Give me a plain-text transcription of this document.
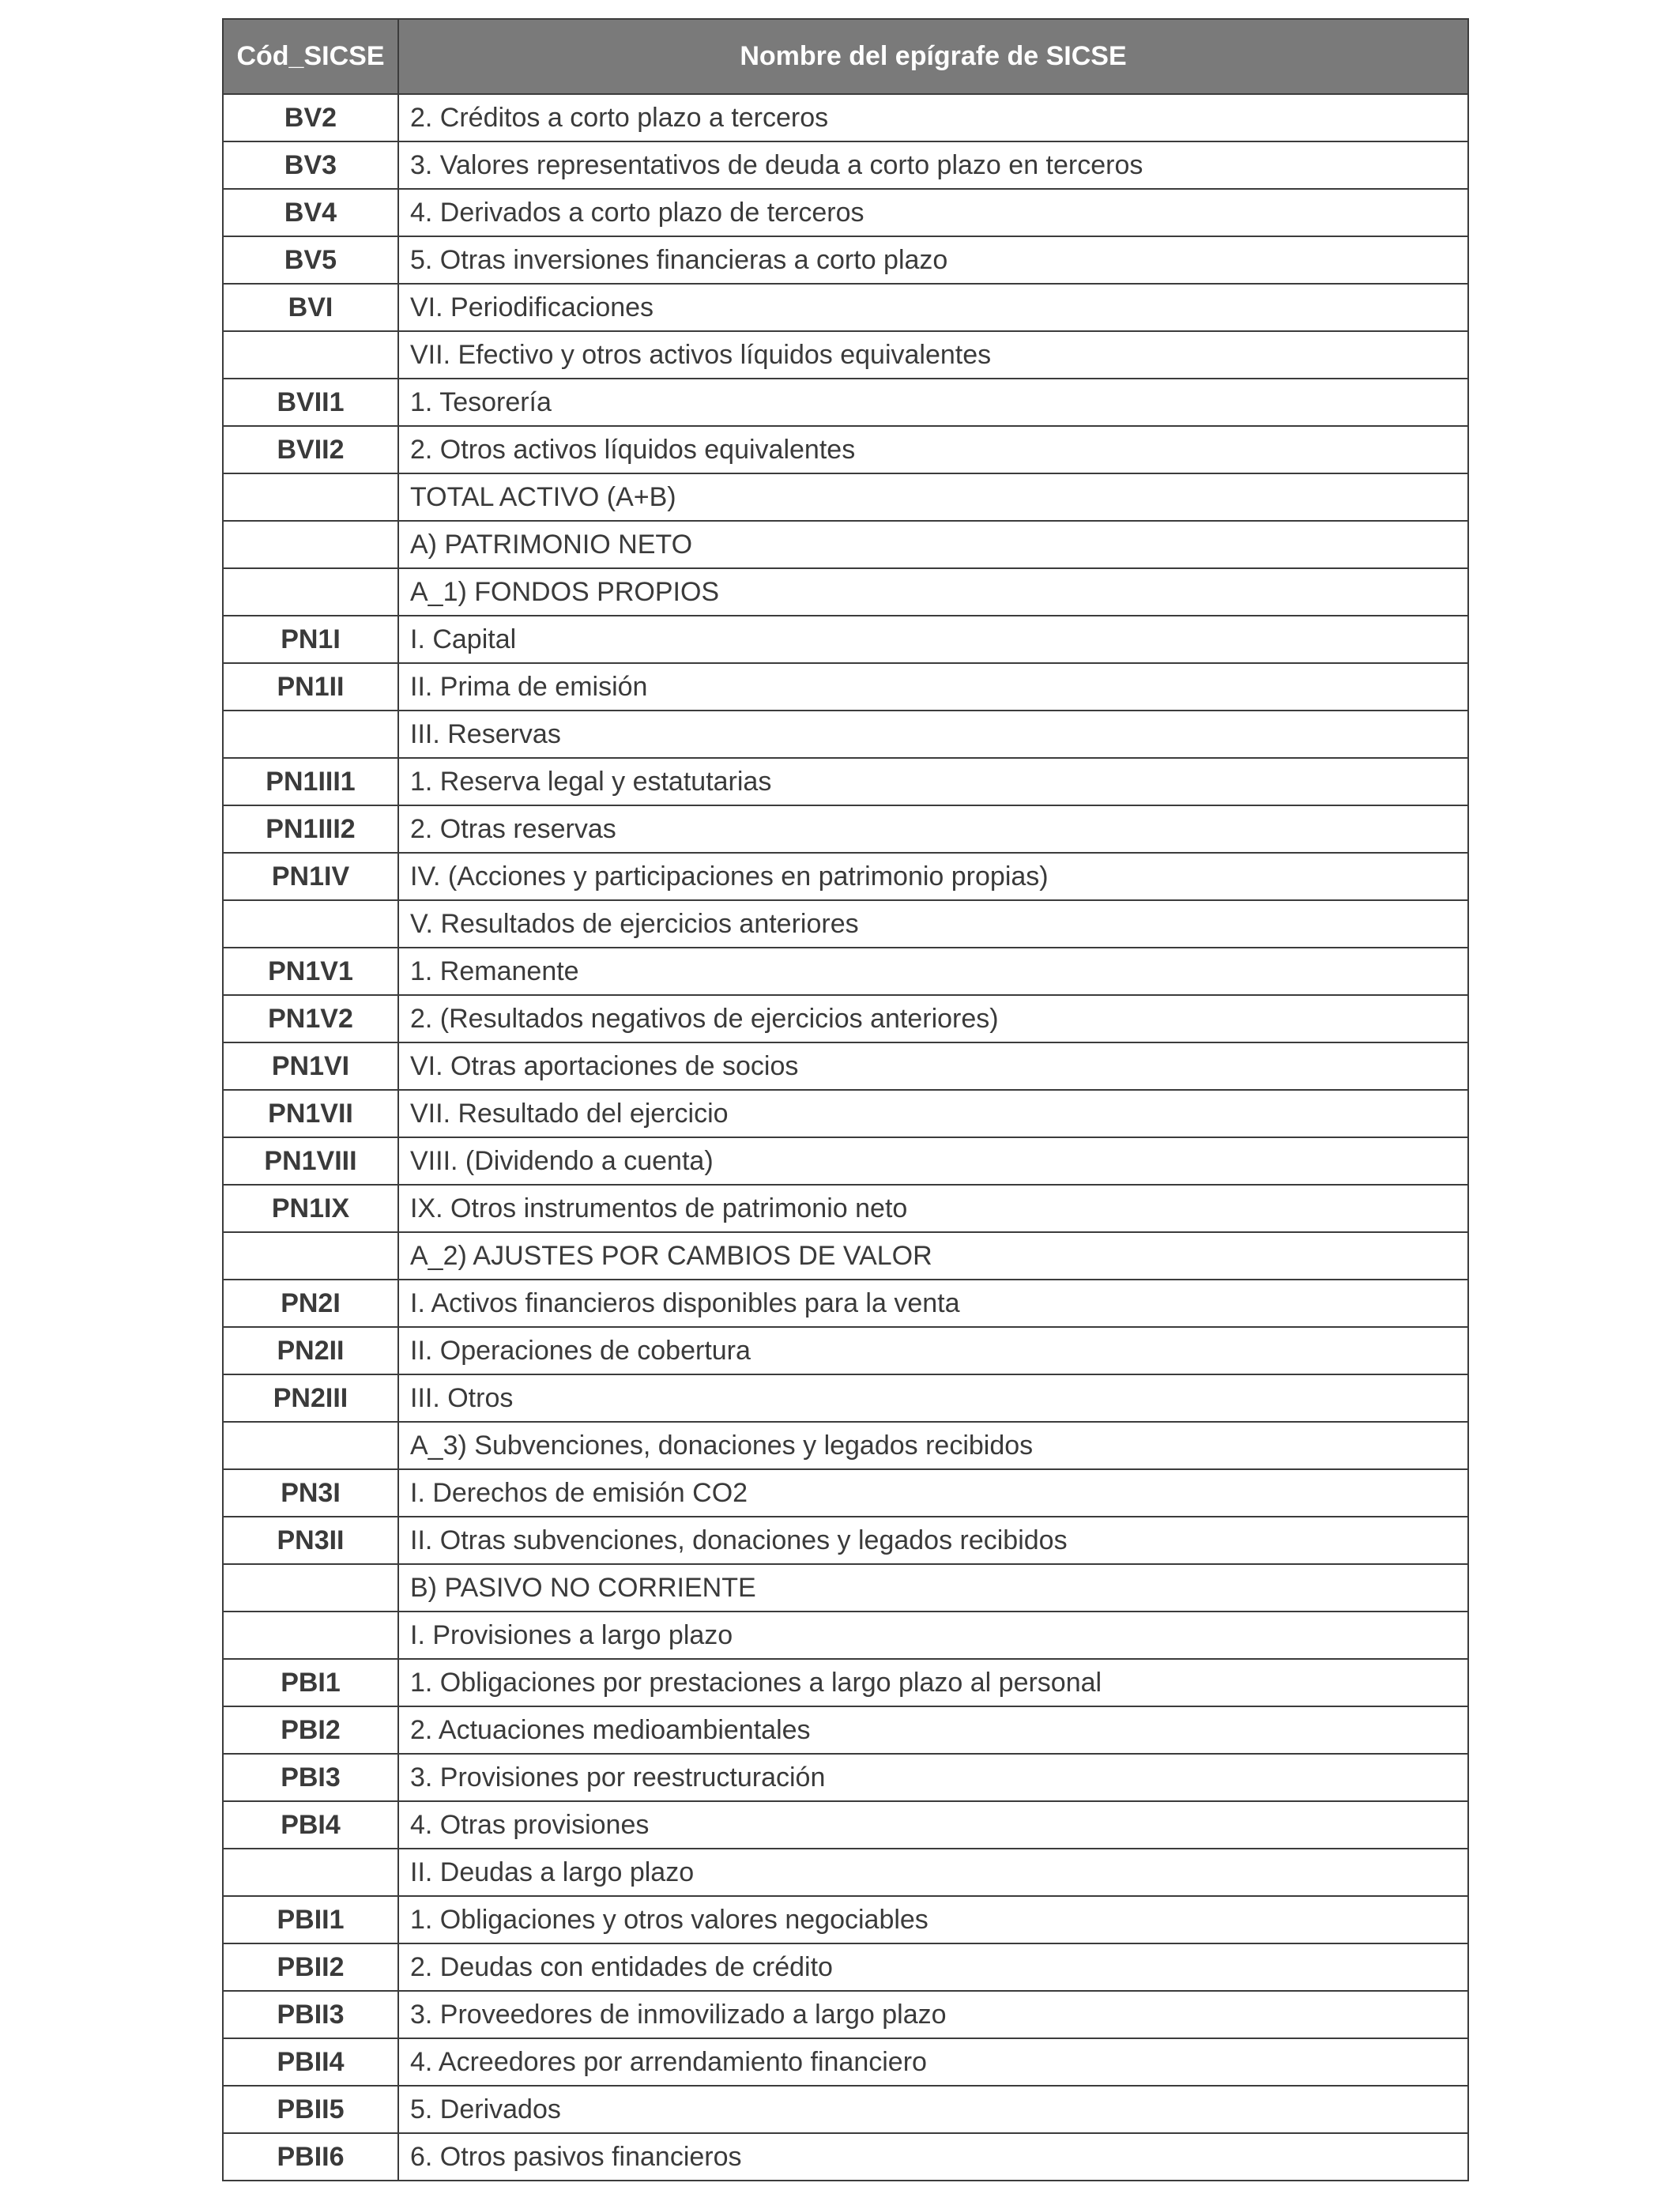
Cód_SICSE	Nombre del epígrafe de SICSE
BV2	2. Créditos a corto plazo a terceros
BV3	3. Valores representativos de deuda a corto plazo en terceros
BV4	4. Derivados a corto plazo de terceros
BV5	5. Otras inversiones financieras a corto plazo
BVI	VI. Periodificaciones
	VII. Efectivo y otros activos líquidos equivalentes
BVII1	1. Tesorería
BVII2	2. Otros activos líquidos equivalentes
	TOTAL ACTIVO (A+B)
	A) PATRIMONIO NETO
	A_1) FONDOS PROPIOS
PN1I	I. Capital
PN1II	II. Prima de emisión
	III. Reservas
PN1III1	1. Reserva legal y estatutarias
PN1III2	2. Otras reservas
PN1IV	IV. (Acciones y participaciones en patrimonio propias)
	V. Resultados de ejercicios anteriores
PN1V1	1. Remanente
PN1V2	2. (Resultados negativos de ejercicios anteriores)
PN1VI	VI. Otras aportaciones de socios
PN1VII	VII. Resultado del ejercicio
PN1VIII	VIII. (Dividendo a cuenta)
PN1IX	IX. Otros instrumentos de patrimonio neto
	A_2) AJUSTES POR CAMBIOS DE VALOR
PN2I	I. Activos financieros disponibles para la venta
PN2II	II. Operaciones de cobertura
PN2III	III. Otros
	A_3) Subvenciones, donaciones y legados recibidos
PN3I	I. Derechos de emisión CO2
PN3II	II. Otras subvenciones, donaciones y legados recibidos
	B) PASIVO NO CORRIENTE
	I. Provisiones a largo plazo
PBI1	1. Obligaciones por prestaciones a largo plazo al personal
PBI2	2. Actuaciones medioambientales
PBI3	3. Provisiones por reestructuración
PBI4	4. Otras provisiones
	II. Deudas a largo plazo
PBII1	1. Obligaciones y otros valores negociables
PBII2	2. Deudas con entidades de crédito
PBII3	3. Proveedores de inmovilizado a largo plazo
PBII4	4. Acreedores por arrendamiento financiero
PBII5	5. Derivados
PBII6	6. Otros pasivos financieros
